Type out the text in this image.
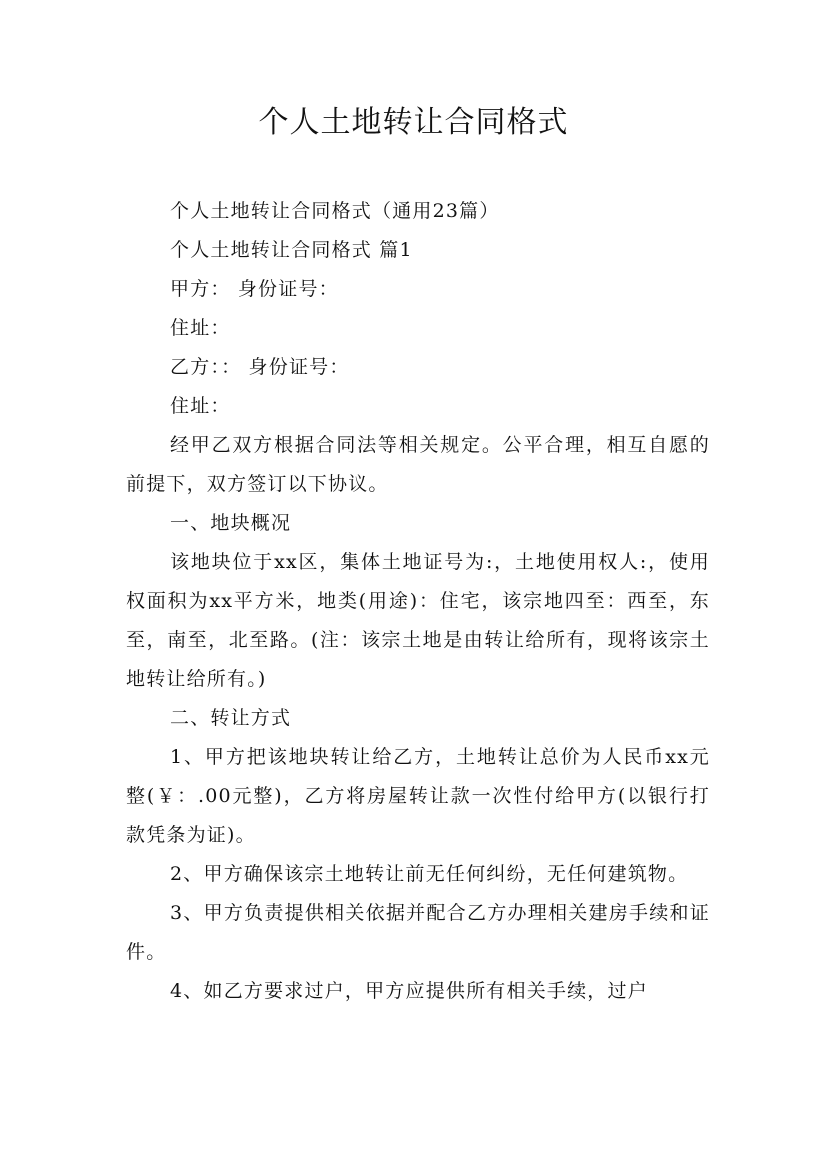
个人土地转让合同格式

个人土地转让合同格式（通用23篇）

个人土地转让合同格式 篇1

甲方： 身份证号：

住址：

乙方：： 身份证号：

住址：

经甲乙双方根据合同法等相关规定。公平合理，相互自愿的前提下，双方签订以下协议。

一、地块概况

该地块位于xx区，集体土地证号为:，土地使用权人:，使用权面积为xx平方米，地类(用途)：住宅，该宗地四至：西至，东至，南至，北至路。(注：该宗土地是由转让给所有，现将该宗土地转让给所有。)

二、转让方式

1、甲方把该地块转让给乙方，土地转让总价为人民币xx元整(￥：.00元整)，乙方将房屋转让款一次性付给甲方(以银行打款凭条为证)。

2、甲方确保该宗土地转让前无任何纠纷，无任何建筑物。

3、甲方负责提供相关依据并配合乙方办理相关建房手续和证件。

4、如乙方要求过户，甲方应提供所有相关手续，过户
